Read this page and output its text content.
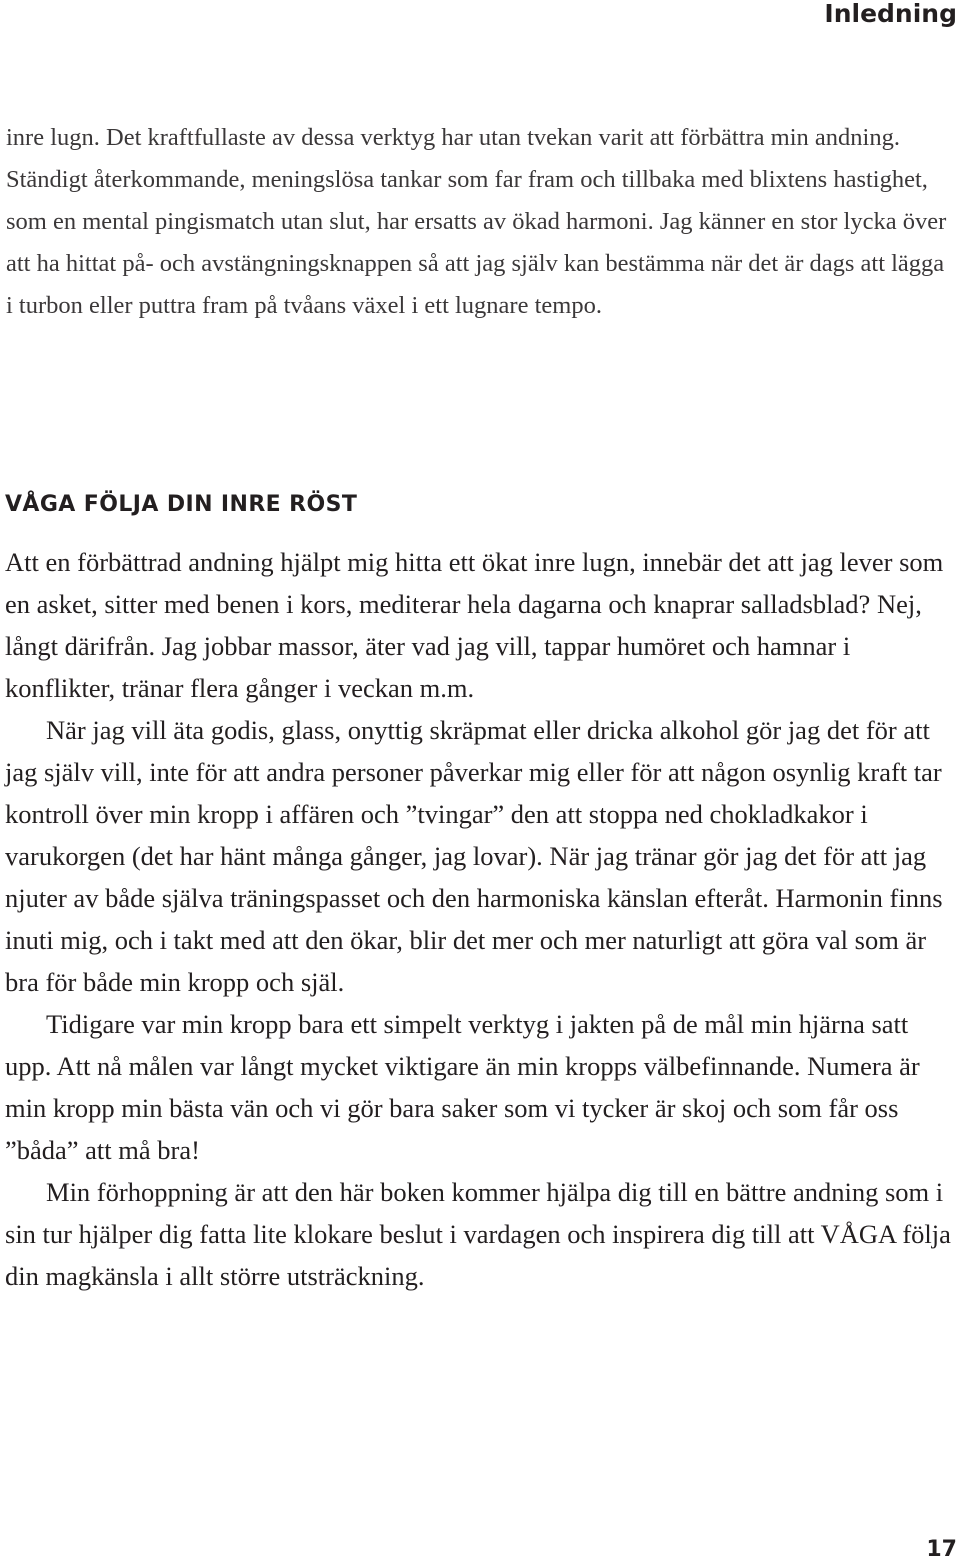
Inledning

inre lugn. Det kraftfullaste av dessa verktyg har utan tvekan varit att förbättra min andning. Ständigt återkommande, meningslösa tankar som far fram och tillbaka med blixtens hastighet, som en mental pingismatch utan slut, har ersatts av ökad harmoni. Jag känner en stor lycka över att ha hittat på- och avstängningsknappen så att jag själv kan bestämma när det är dags att lägga i turbon eller puttra fram på tvåans växel i ett lugnare tempo.

VÅGA FÖLJA DIN INRE RÖST

Att en förbättrad andning hjälpt mig hitta ett ökat inre lugn, innebär det att jag lever som en asket, sitter med benen i kors, mediterar hela dagarna och knaprar salladsblad? Nej, långt därifrån. Jag jobbar massor, äter vad jag vill, tappar humöret och hamnar i konflikter, tränar flera gånger i veckan m.m.

När jag vill äta godis, glass, onyttig skräpmat eller dricka alkohol gör jag det för att jag själv vill, inte för att andra personer påverkar mig eller för att någon osynlig kraft tar kontroll över min kropp i affären och ”tvingar” den att stoppa ned chokladkakor i varukorgen (det har hänt många gånger, jag lovar). När jag tränar gör jag det för att jag njuter av både själva träningspasset och den harmoniska känslan efteråt. Harmonin finns inuti mig, och i takt med att den ökar, blir det mer och mer naturligt att göra val som är bra för både min kropp och själ.

Tidigare var min kropp bara ett simpelt verktyg i jakten på de mål min hjärna satt upp. Att nå målen var långt mycket viktigare än min kropps välbefinnande. Numera är min kropp min bästa vän och vi gör bara saker som vi tycker är skoj och som får oss ”båda” att må bra!

Min förhoppning är att den här boken kommer hjälpa dig till en bättre andning som i sin tur hjälper dig fatta lite klokare beslut i vardagen och inspirera dig till att VÅGA följa din magkänsla i allt större utsträckning.

17
